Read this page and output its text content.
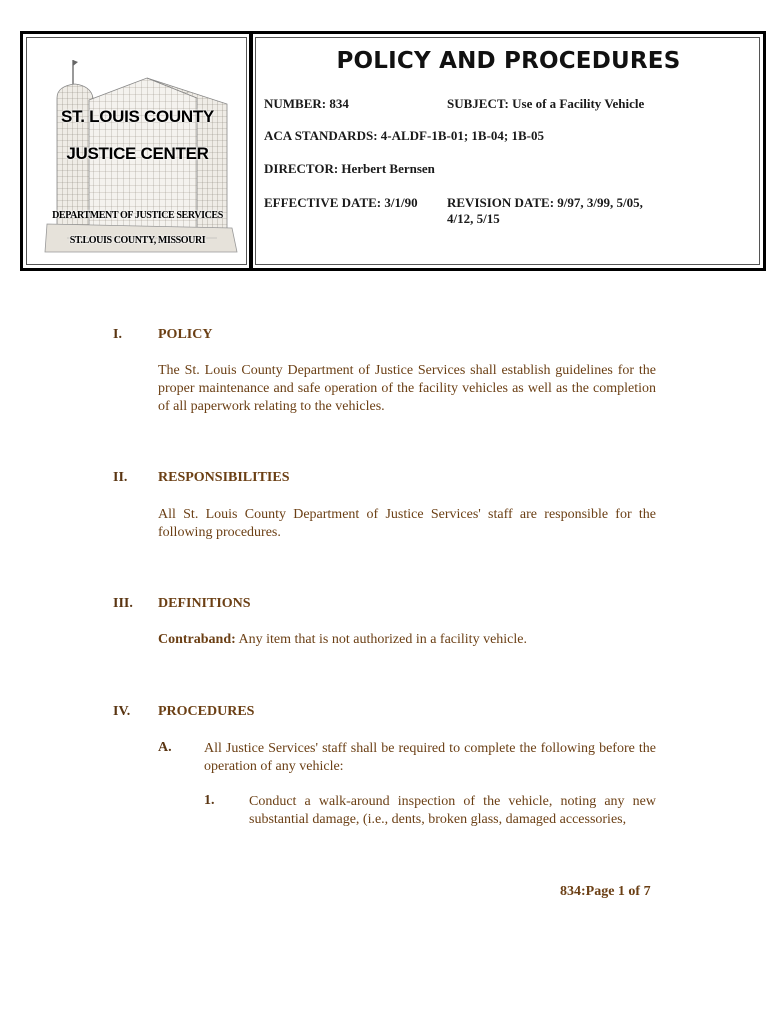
ST. LOUIS COUNTY
JUSTICE CENTER
DEPARTMENT OF JUSTICE SERVICES
ST.LOUIS COUNTY, MISSOURI
POLICY AND PROCEDURES
NUMBER: 834	SUBJECT: Use of a Facility Vehicle
ACA STANDARDS: 4-ALDF-1B-01; 1B-04; 1B-05
DIRECTOR: Herbert Bernsen
EFFECTIVE DATE: 3/1/90 REVISION DATE: 9/97, 3/99, 5/05,
4/12, 5/15
I.	POLICY
The St. Louis County Department of Justice Services shall establish guidelines for the proper maintenance and safe operation of the facility vehicles as well as the completion of all paperwork relating to the vehicles.
II. RESPONSIBILITIES
All St. Louis County Department of Justice Services' staff are responsible for the following procedures.
III. DEFINITIONS
Contraband: Any item that is not authorized in a facility vehicle.
IV. PROCEDURES
A. All Justice Services' staff shall be required to complete the following before the operation of any vehicle:
1. Conduct a walk-around inspection of the vehicle, noting any new substantial damage, (i.e., dents, broken glass, damaged accessories,
834:Page 1 of 7
